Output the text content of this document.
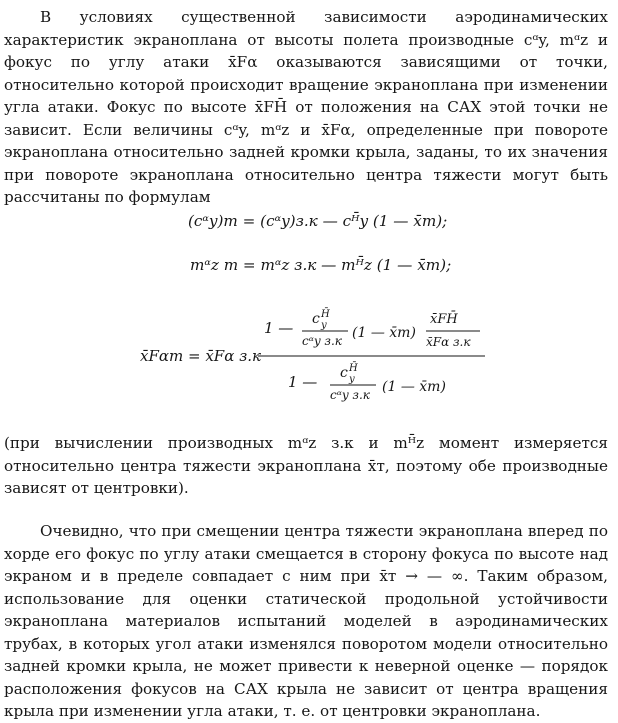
В условиях существенной зависимости аэродинамических характеристик экраноплана от высоты полета производные cᵅy, mᵅz и фокус по углу атаки x̄Fα оказываются зависящими от точки, относительно которой происходит вращение экраноплана при изменении угла атаки. Фокус по высоте x̄FH̄ от положения на САХ этой точки не зависит. Если величины cᵅy, mᵅz и x̄Fα, определенные при повороте экраноплана относительно задней кромки крыла, заданы, то их значения при повороте экраноплана относительно центра тяжести могут быть рассчитаны по формулам
(cᵅy)т = (cᵅy)з.к — cᴴ̄y (1 — x̄т);
mᵅz т = mᵅz з.к — mᴴ̄z (1 — x̄т);
x̄Fαт = x̄Fα з.к
1 — c H̄
y
cᵅy з.к (1 — x̄т)
x̄FH̄
x̄Fα з.к
1 — c H̄
y
cᵅy з.к (1 — x̄т)
(при вычислении производных mᵅz з.к и mᴴ̄z момент измеряется относительно центра тяжести экраноплана x̄т, поэтому обе производные зависят от центровки).
Очевидно, что при смещении центра тяжести экраноплана вперед по хорде его фокус по углу атаки смещается в сторону фокуса по высоте над экраном и в пределе совпадает с ним при x̄т → — ∞. Таким образом, использование для оценки статической продольной устойчивости экраноплана материалов испытаний моделей в аэродинамических трубах, в которых угол атаки изменялся поворотом модели относительно задней кромки крыла, не может привести к неверной оценке — порядок расположения фокусов на САХ крыла не зависит от центра вращения крыла при изменении угла атаки, т. е. от центровки экраноплана.
